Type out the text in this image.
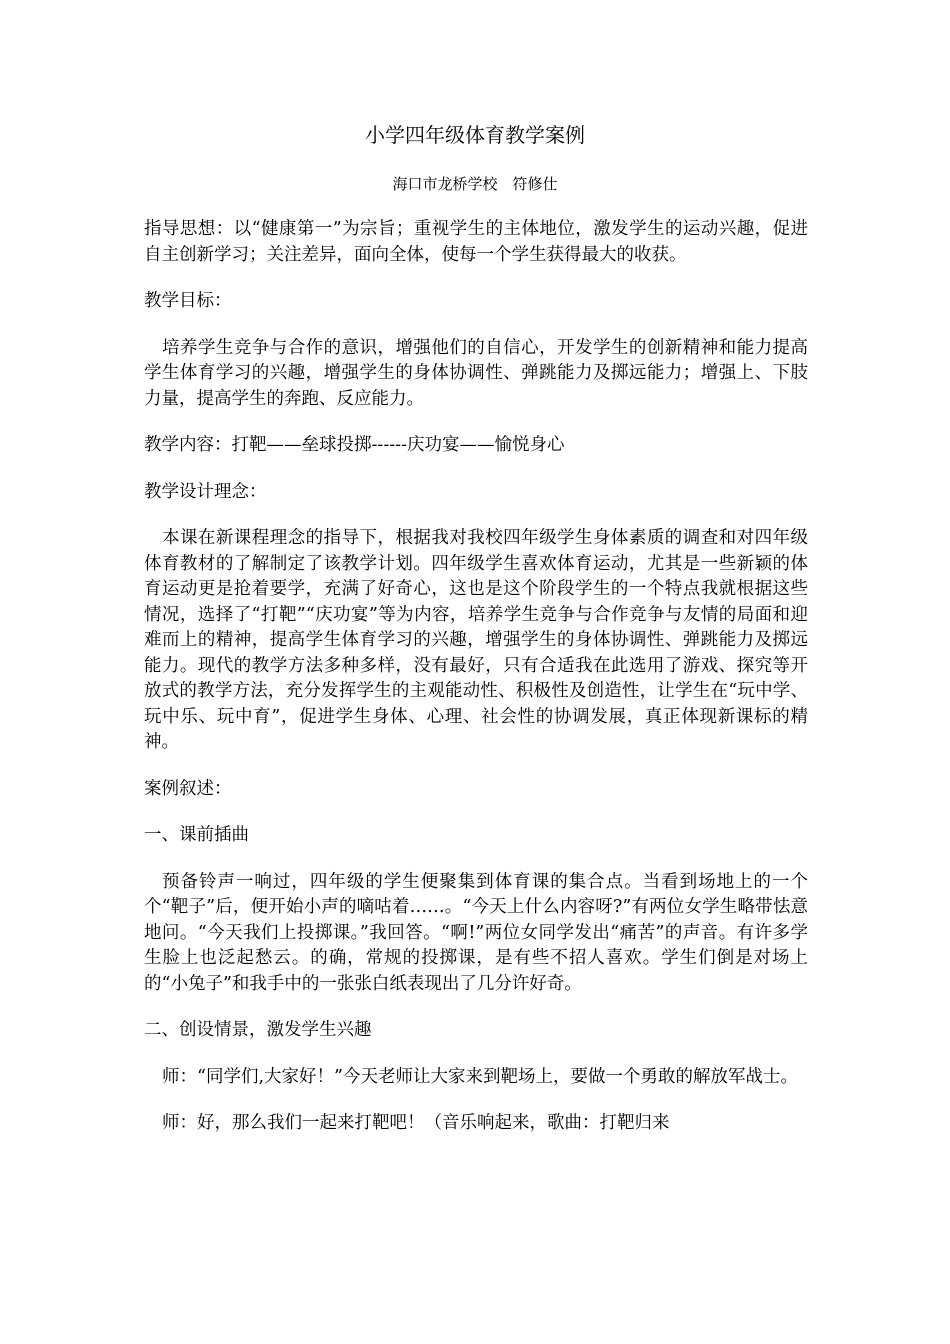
小学四年级体育教学案例
海口市龙桥学校　符修仕

指导思想：以“健康第一”为宗旨；重视学生的主体地位，激发学生的运动兴趣，促进自主创新学习；关注差异，面向全体，使每一个学生获得最大的收获。

教学目标：

培养学生竞争与合作的意识，增强他们的自信心，开发学生的创新精神和能力提高学生体育学习的兴趣，增强学生的身体协调性、弹跳能力及掷远能力；增强上、下肢力量，提高学生的奔跑、反应能力。

教学内容：打靶——垒球投掷------庆功宴——愉悦身心

教学设计理念：

本课在新课程理念的指导下，根据我对我校四年级学生身体素质的调查和对四年级体育教材的了解制定了该教学计划。四年级学生喜欢体育运动，尤其是一些新颖的体育运动更是抢着要学，充满了好奇心，这也是这个阶段学生的一个特点我就根据这些情况，选择了“打靶”“庆功宴”等为内容，培养学生竞争与合作竞争与友情的局面和迎难而上的精神，提高学生体育学习的兴趣，增强学生的身体协调性、弹跳能力及掷远能力。现代的教学方法多种多样，没有最好，只有合适我在此选用了游戏、探究等开放式的教学方法，充分发挥学生的主观能动性、积极性及创造性，让学生在“玩中学、玩中乐、玩中育”，促进学生身体、心理、社会性的协调发展，真正体现新课标的精神。

案例叙述：

一、课前插曲

预备铃声一响过，四年级的学生便聚集到体育课的集合点。当看到场地上的一个个“靶子”后，便开始小声的嘀咕着……。“今天上什么内容呀?”有两位女学生略带怯意地问。“今天我们上投掷课。”我回答。“啊!”两位女同学发出“痛苦”的声音。有许多学生脸上也泛起愁云。的确，常规的投掷课，是有些不招人喜欢。学生们倒是对场上的“小兔子”和我手中的一张张白纸表现出了几分许好奇。

二、创设情景，激发学生兴趣

师：“同学们,大家好！”今天老师让大家来到靶场上，要做一个勇敢的解放军战士。

师：好，那么我们一起来打靶吧！（音乐响起来，歌曲：打靶归来
